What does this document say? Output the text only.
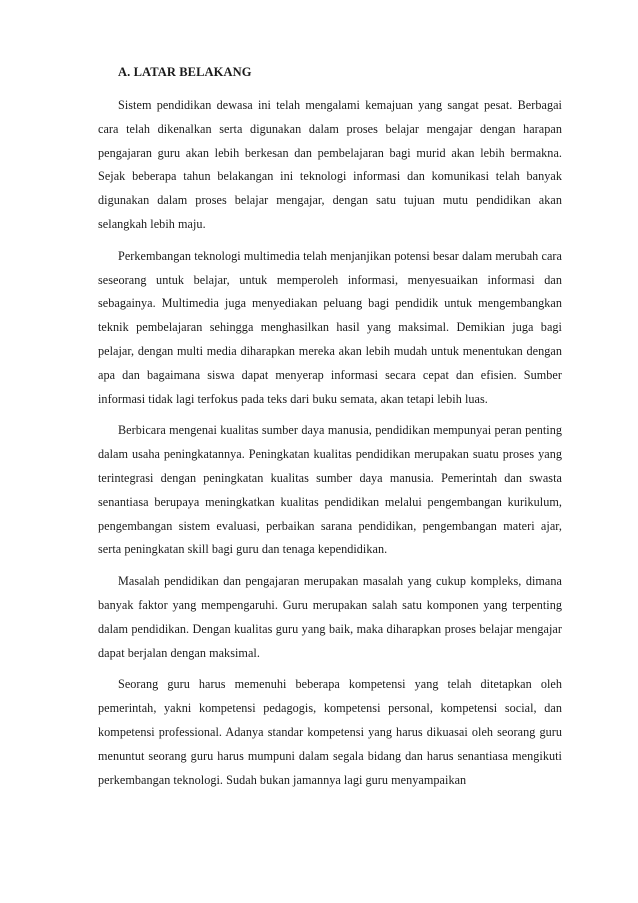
A. LATAR BELAKANG

Sistem pendidikan dewasa ini telah mengalami kemajuan yang sangat pesat. Berbagai cara telah dikenalkan serta digunakan dalam proses belajar mengajar dengan harapan pengajaran guru akan lebih berkesan dan pembelajaran bagi murid akan lebih bermakna. Sejak beberapa tahun belakangan ini teknologi informasi dan komunikasi telah banyak digunakan dalam proses belajar mengajar, dengan satu tujuan mutu pendidikan akan selangkah lebih maju.

Perkembangan teknologi multimedia telah menjanjikan potensi besar dalam merubah cara seseorang untuk belajar, untuk memperoleh informasi, menyesuaikan informasi dan sebagainya. Multimedia juga menyediakan peluang bagi pendidik untuk mengembangkan teknik pembelajaran sehingga menghasilkan hasil yang maksimal. Demikian juga bagi pelajar, dengan multi media diharapkan mereka akan lebih mudah untuk menentukan dengan apa dan bagaimana siswa dapat menyerap informasi secara cepat dan efisien. Sumber informasi tidak lagi terfokus pada teks dari buku semata, akan tetapi lebih luas.

Berbicara mengenai kualitas sumber daya manusia, pendidikan mempunyai peran penting dalam usaha peningkatannya. Peningkatan kualitas pendidikan merupakan suatu proses yang terintegrasi dengan peningkatan kualitas sumber daya manusia. Pemerintah dan swasta senantiasa berupaya meningkatkan kualitas pendidikan melalui pengembangan kurikulum, pengembangan sistem evaluasi, perbaikan sarana pendidikan, pengembangan materi ajar, serta peningkatan skill bagi guru dan tenaga kependidikan.

Masalah pendidikan dan pengajaran merupakan masalah yang cukup kompleks, dimana banyak faktor yang mempengaruhi. Guru merupakan salah satu komponen yang terpenting dalam pendidikan. Dengan kualitas guru yang baik, maka diharapkan proses belajar mengajar dapat berjalan dengan maksimal.

Seorang guru harus memenuhi beberapa kompetensi yang telah ditetapkan oleh pemerintah, yakni kompetensi pedagogis, kompetensi personal, kompetensi social, dan kompetensi professional. Adanya standar kompetensi yang harus dikuasai oleh seorang guru menuntut seorang guru harus mumpuni dalam segala bidang dan harus senantiasa mengikuti perkembangan teknologi. Sudah bukan jamannya lagi guru menyampaikan
